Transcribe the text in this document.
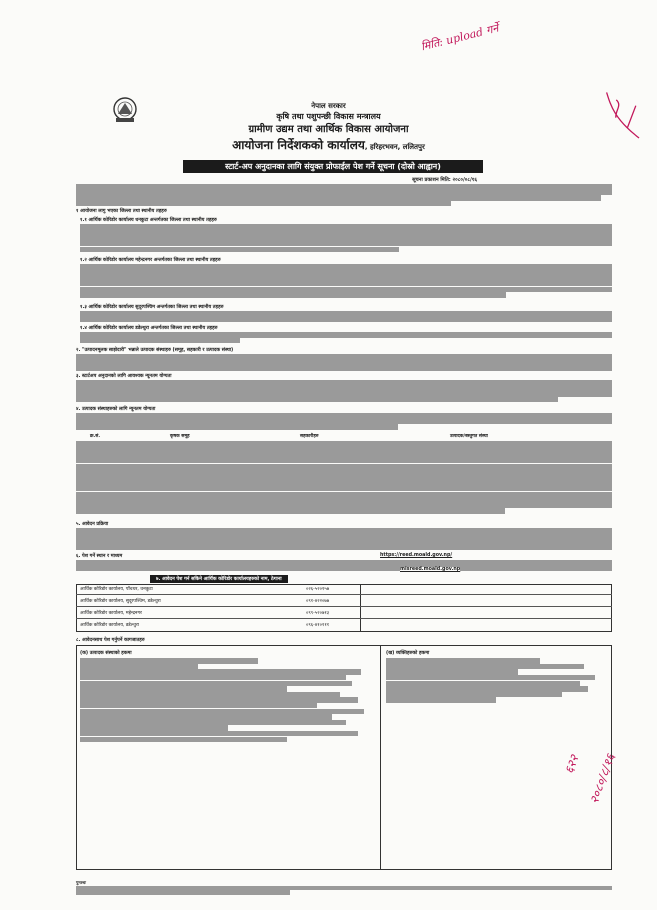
नेपाल सरकार
कृषि तथा पशुपन्छी विकास मन्त्रालय
ग्रामीण उद्यम तथा आर्थिक विकास आयोजना
आयोजना निर्देशकको कार्यालय, हरिहरभवन, ललितपुर
स्टार्ट-अप अनुदानका लागि संयुक्त प्रोफाईल पेश गर्ने सूचना (दोस्रो आह्वान)
सूचना प्रकाशन मिति: २०८०/०८/१६
मिति: upload गर्ने
१ आयोजना लागु भएका जिल्ला तथा स्थानीय तहहरु
१.१ आर्थिक कोरिडोर कार्यालय धनकुटा अन्तर्गतका जिल्ला तथा स्थानीय तहहरु
१.२ आर्थिक कोरिडोर कार्यालय महेन्द्रनगर अन्तर्गतका जिल्ला तथा स्थानीय तहहरु
१.३ आर्थिक कोरिडोर कार्यालय सुदूरपश्चिम अन्तर्गतका जिल्ला तथा स्थानीय तहहरु
१.४ आर्थिक कोरिडोर कार्यालय डडेल्धुरा अन्तर्गतका जिल्ला तथा स्थानीय तहहरु
२. "उत्पादनमूलक साझेदारी" भन्नाले उत्पादक संस्थाहरु (समूह, सहकारी र उत्पादक संस्था)
३. स्टार्टअप अनुदानको लागि आवश्यक न्यूनतम योग्यता
४. उत्पादक संस्थाहरुको लागि न्यूनतम योग्यता
क्र.सं.	कृषक समूह	सहकारीहरु	उत्पादक/बस्तुगत संस्था
५. आवेदन प्रक्रिया
६. पेश गर्ने स्थान र माध्यम	https://reed.moald.gov.np/
misreed.moald.gov.np
७. आवेदन पेश गर्न सकिने आर्थिक कोरिडोर कार्यालयहरुको नाम, ठेगाना
आर्थिक कोरिडोर कार्यालय, पाँचथर, धनकुटा	०२६-५२०१५७
आर्थिक कोरिडोर कार्यालय, सुदूरपश्चिम, डडेल्धुरा	०९१-४२२०७७
आर्थिक कोरिडोर कार्यालय, महेन्द्रनगर	०९९-५२०७१३
आर्थिक कोरिडोर कार्यालय, डडेल्धुरा	०९६-४१०१११
८. आवेदनसाथ पेश गर्नुपर्ने कागजातहरु
(क) उत्पादक संस्थाको हकमा	(ख) व्यक्तिहरुको हकमा
६२२ २०८०/८/१६
पुनश्चः
